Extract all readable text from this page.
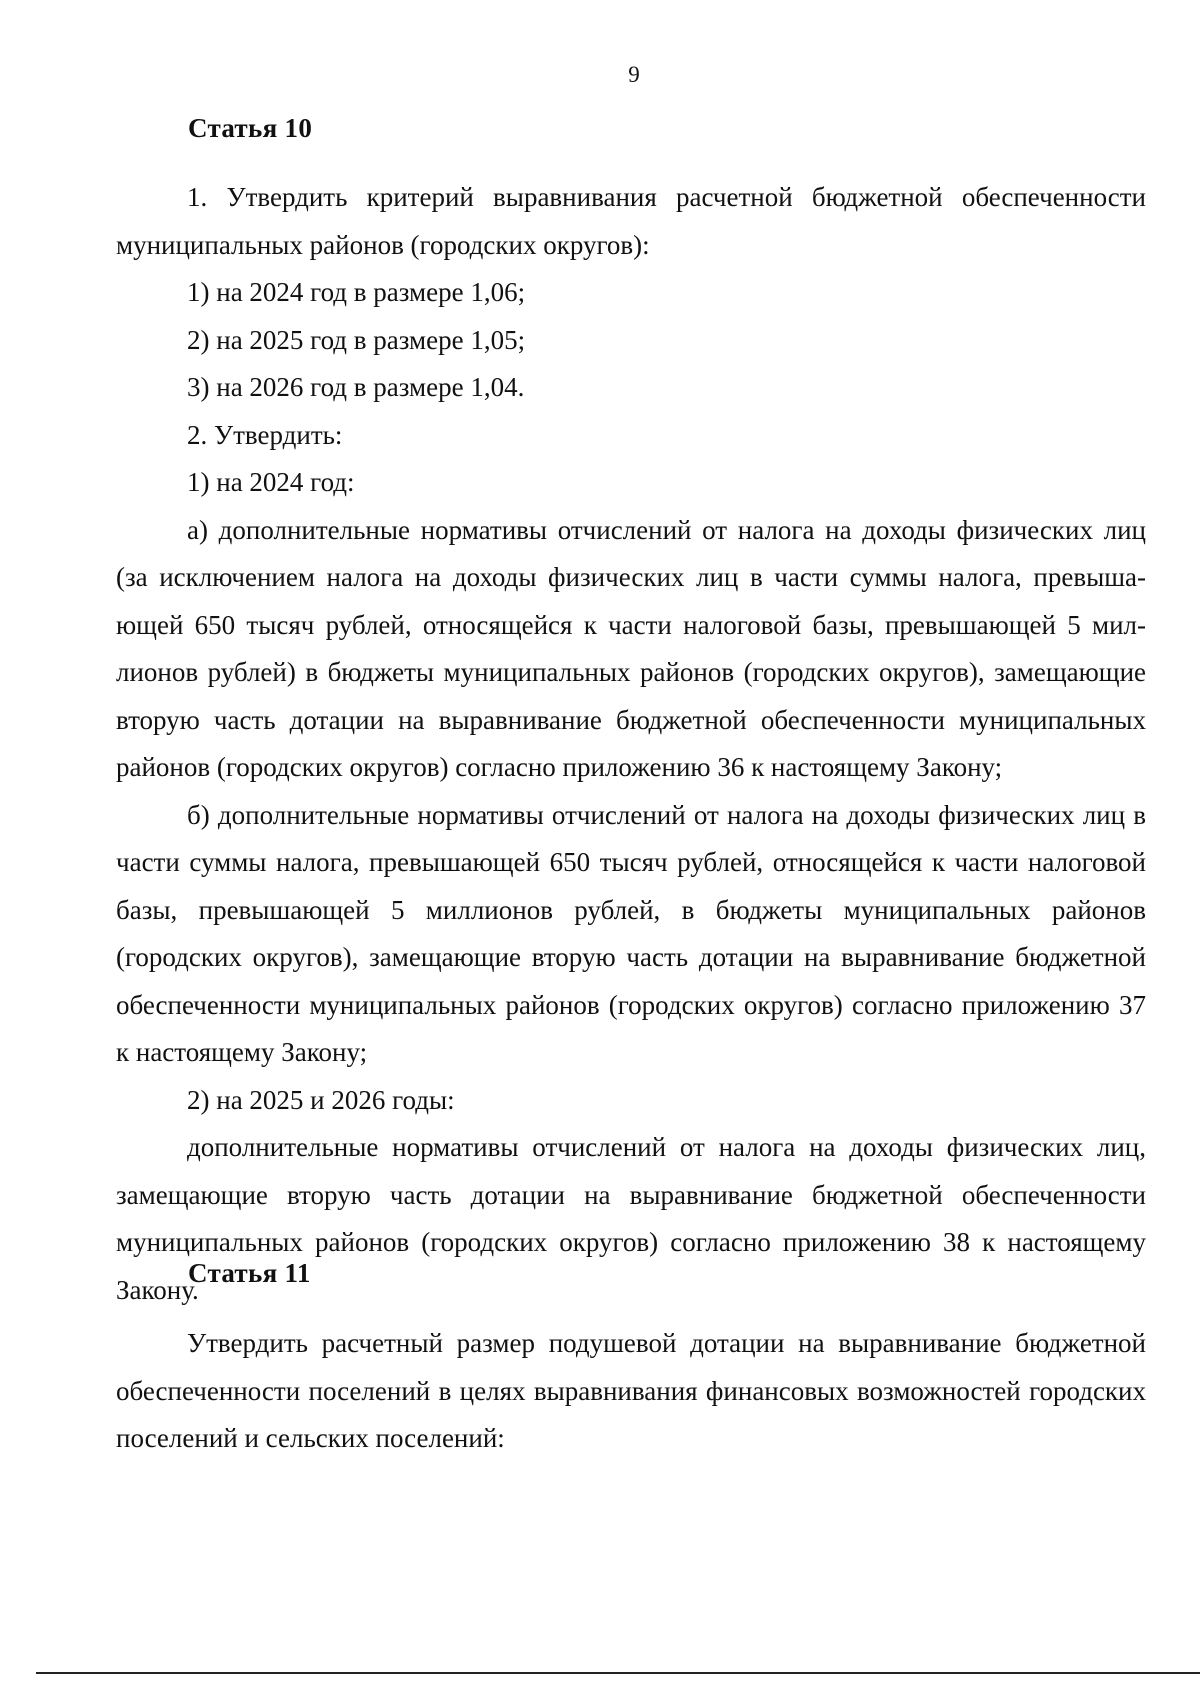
9
Статья 10

1. Утвердить критерий выравнивания расчетной бюджетной обеспеченности муниципальных районов (городских округов):

1) на 2024 год в размере 1,06;

2) на 2025 год в размере 1,05;

3) на 2026 год в размере 1,04.

2. Утвердить:

1) на 2024 год:

а) дополнительные нормативы отчислений от налога на доходы физических лиц (за исключением налога на доходы физических лиц в части суммы налога, превышающей 650 тысяч рублей, относящейся к части налоговой базы, превышающей 5 миллионов рублей) в бюджеты муниципальных районов (городских округов), замещающие вторую часть дотации на выравнивание бюджетной обеспеченности муниципальных районов (городских округов) согласно приложению 36 к настоящему Закону;

б) дополнительные нормативы отчислений от налога на доходы физических лиц в части суммы налога, превышающей 650 тысяч рублей, относящейся к части налоговой базы, превышающей 5 миллионов рублей, в бюджеты муниципальных районов (городских округов), замещающие вторую часть дотации на выравнивание бюджетной обеспеченности муниципальных районов (городских округов) согласно приложению 37 к настоящему Закону;

2) на 2025 и 2026 годы:

дополнительные нормативы отчислений от налога на доходы физических лиц, замещающие вторую часть дотации на выравнивание бюджетной обеспеченности муниципальных районов (городских округов) согласно приложению 38 к настоящему Закону.

Статья 11

Утвердить расчетный размер подушевой дотации на выравнивание бюджетной обеспеченности поселений в целях выравнивания финансовых возможностей городских поселений и сельских поселений:
